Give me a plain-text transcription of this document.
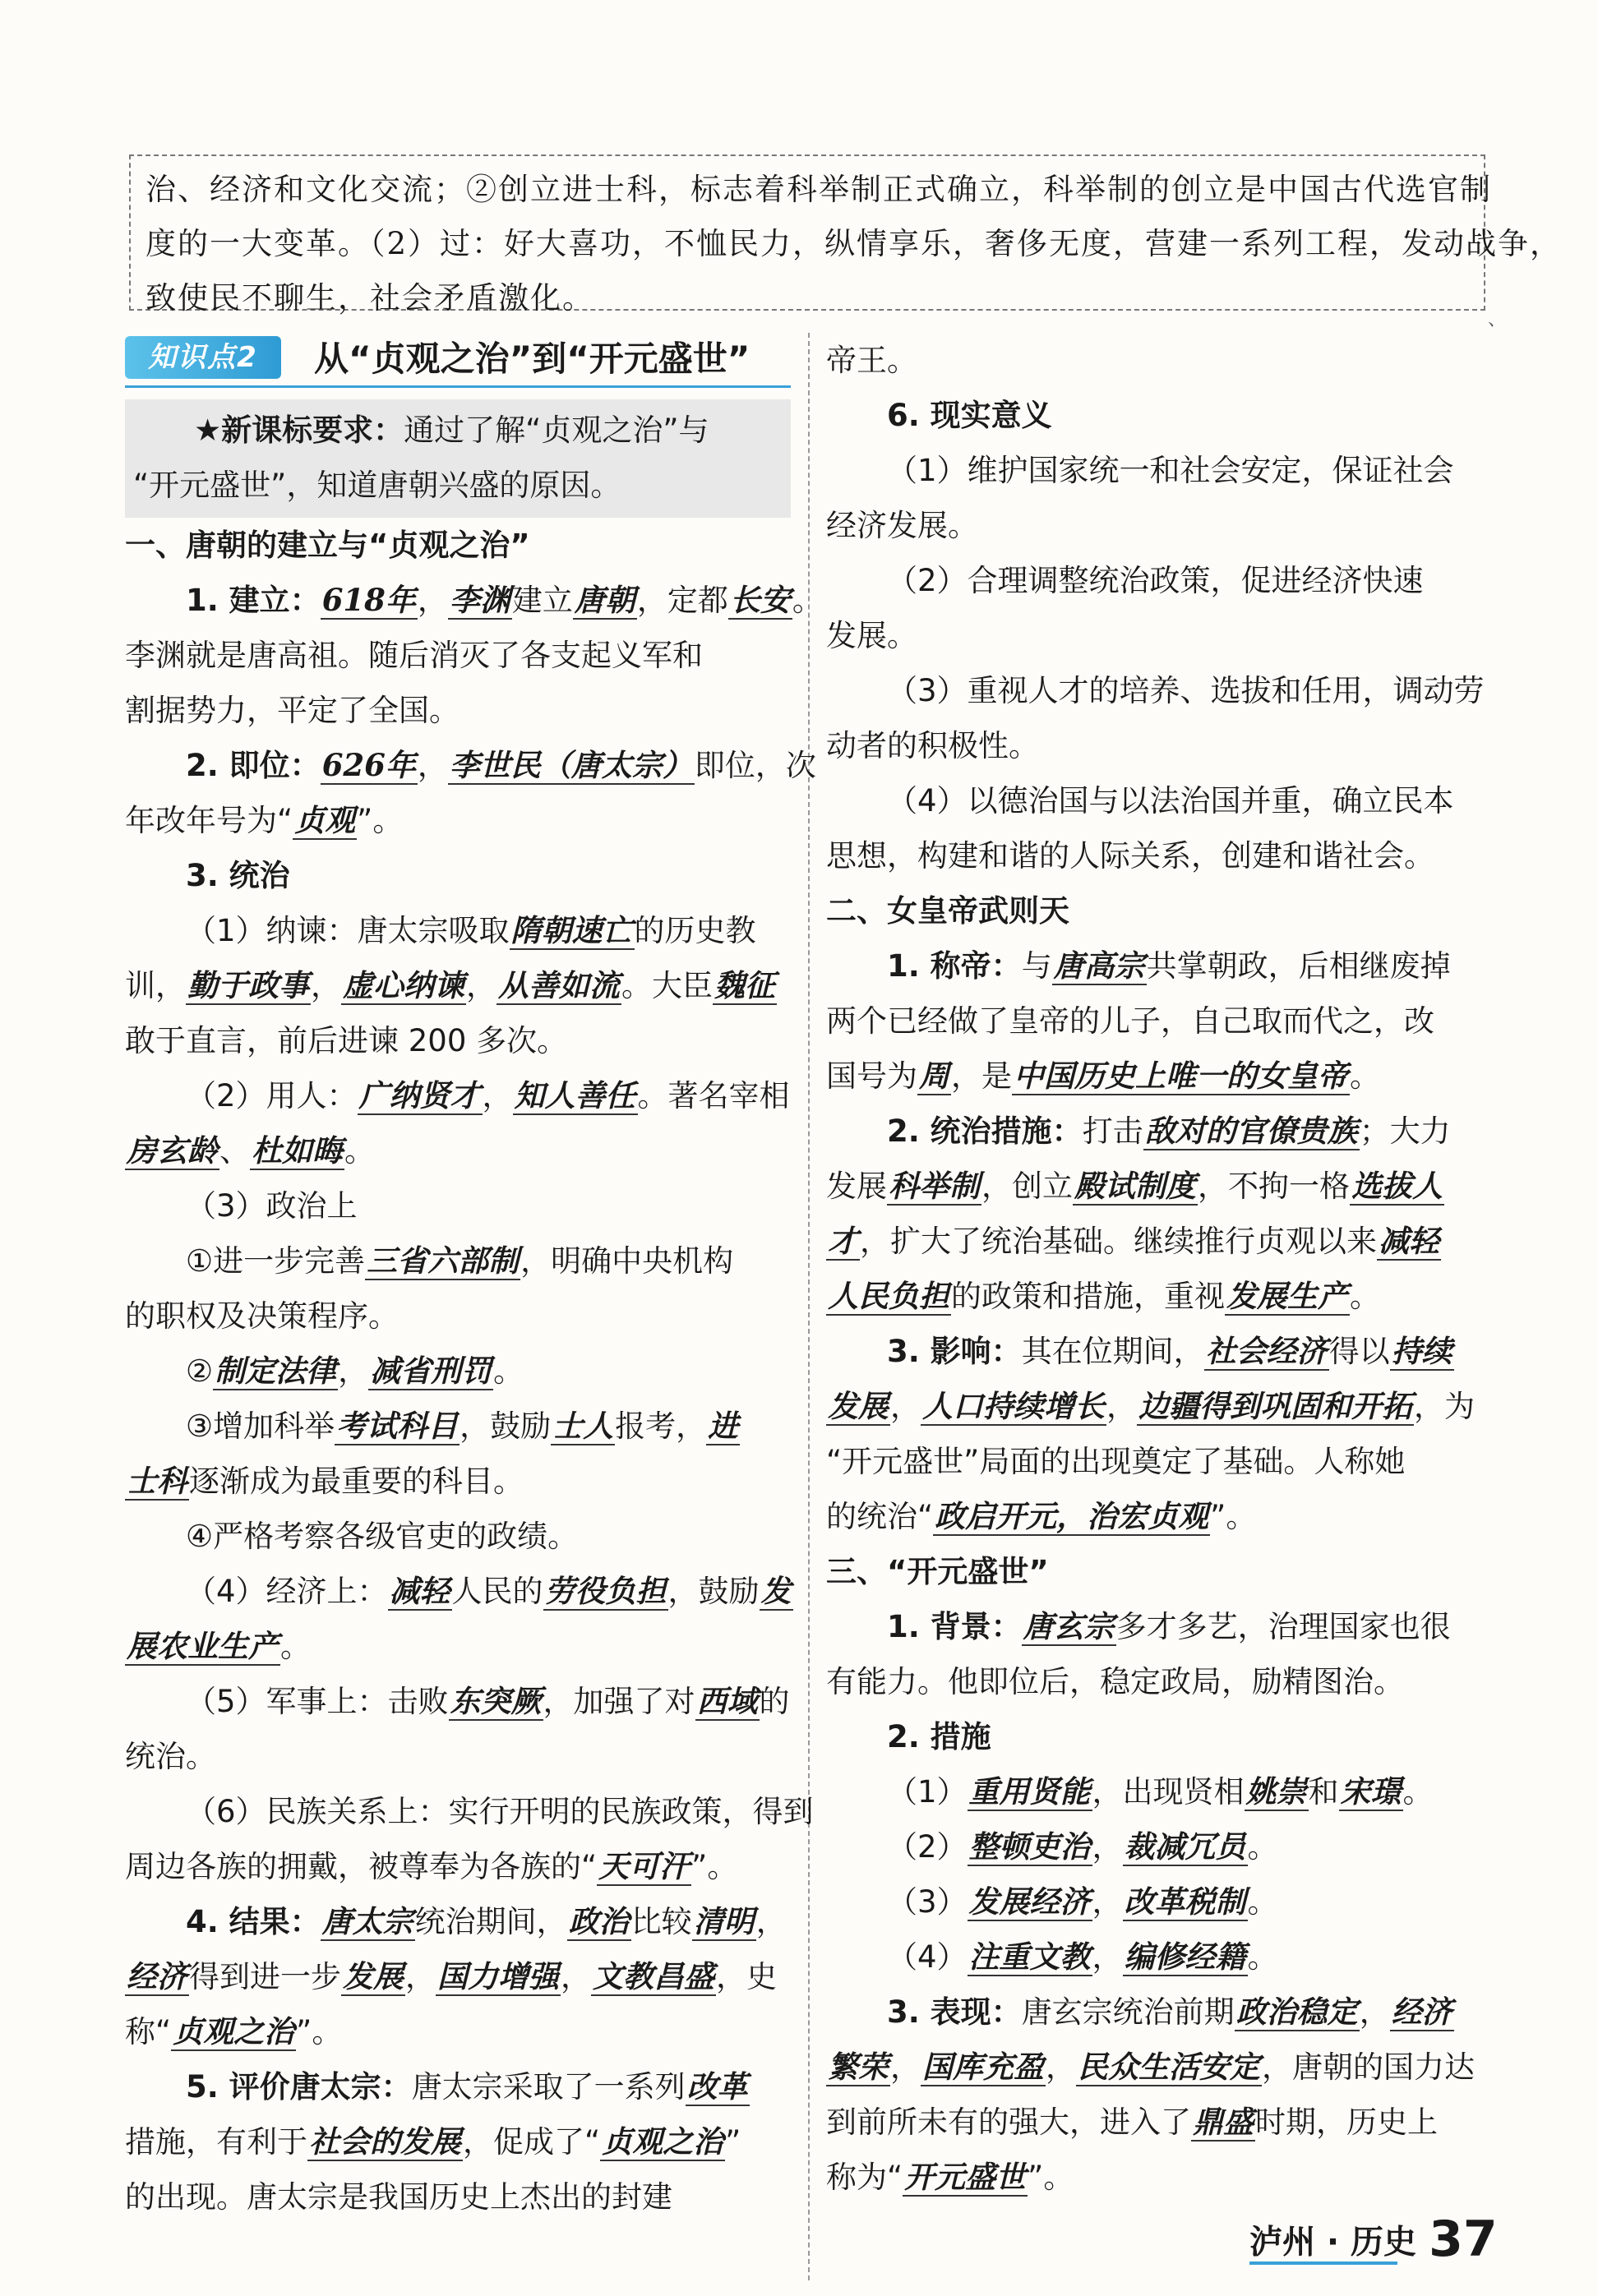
治、经济和文化交流；②创立进士科，标志着科举制正式确立，科举制的创立是中国古代选官制

度的一大变革。（2）过：好大喜功，不恤民力，纵情享乐，奢侈无度，营建一系列工程，发动战争，

致使民不聊生，社会矛盾激化。

、
知识点2	从“贞观之治”到“开元盛世”
★新课标要求：通过了解“贞观之治”与
“开元盛世”，知道唐朝兴盛的原因。

一、唐朝的建立与“贞观之治”

1. 建立：618年，李渊建立唐朝，定都长安。

李渊就是唐高祖。随后消灭了各支起义军和

割据势力，平定了全国。

2. 即位：626年，李世民（唐太宗）即位，次

年改年号为“贞观”。

3. 统治

（1）纳谏：唐太宗吸取隋朝速亡的历史教

训，勤于政事，虚心纳谏，从善如流。大臣魏征

敢于直言，前后进谏 200 多次。

（2）用人：广纳贤才，知人善任。著名宰相

房玄龄、杜如晦。

（3）政治上

①进一步完善三省六部制，明确中央机构

的职权及决策程序。

②制定法律，减省刑罚。

③增加科举考试科目，鼓励士人报考，进

士科逐渐成为最重要的科目。

④严格考察各级官吏的政绩。

（4）经济上：减轻人民的劳役负担，鼓励发

展农业生产。

（5）军事上：击败东突厥，加强了对西域的

统治。

（6）民族关系上：实行开明的民族政策，得到

周边各族的拥戴，被尊奉为各族的“天可汗”。

4. 结果：唐太宗统治期间，政治比较清明，

经济得到进一步发展，国力增强，文教昌盛，史

称“贞观之治”。

5. 评价唐太宗：唐太宗采取了一系列改革

措施，有利于社会的发展，促成了“贞观之治”

的出现。唐太宗是我国历史上杰出的封建

帝王。

6. 现实意义

（1）维护国家统一和社会安定，保证社会

经济发展。

（2）合理调整统治政策，促进经济快速

发展。

（3）重视人才的培养、选拔和任用，调动劳

动者的积极性。

（4）以德治国与以法治国并重，确立民本

思想，构建和谐的人际关系，创建和谐社会。

二、女皇帝武则天

1. 称帝：与唐高宗共掌朝政，后相继废掉

两个已经做了皇帝的儿子，自己取而代之，改

国号为周，是中国历史上唯一的女皇帝。

2. 统治措施：打击敌对的官僚贵族；大力

发展科举制，创立殿试制度，不拘一格选拔人

才，扩大了统治基础。继续推行贞观以来减轻

人民负担的政策和措施，重视发展生产。

3. 影响：其在位期间，社会经济得以持续

发展，人口持续增长，边疆得到巩固和开拓，为

“开元盛世”局面的出现奠定了基础。人称她

的统治“政启开元，治宏贞观”。

三、“开元盛世”

1. 背景：唐玄宗多才多艺，治理国家也很

有能力。他即位后，稳定政局，励精图治。

2. 措施

（1）重用贤能，出现贤相姚崇和宋璟。

（2）整顿吏治，裁减冗员。

（3）发展经济，改革税制。

（4）注重文教，编修经籍。

3. 表现：唐玄宗统治前期政治稳定，经济

繁荣，国库充盈，民众生活安定，唐朝的国力达

到前所未有的强大，进入了鼎盛时期，历史上

称为“开元盛世”。

泸州 · 历史 37
